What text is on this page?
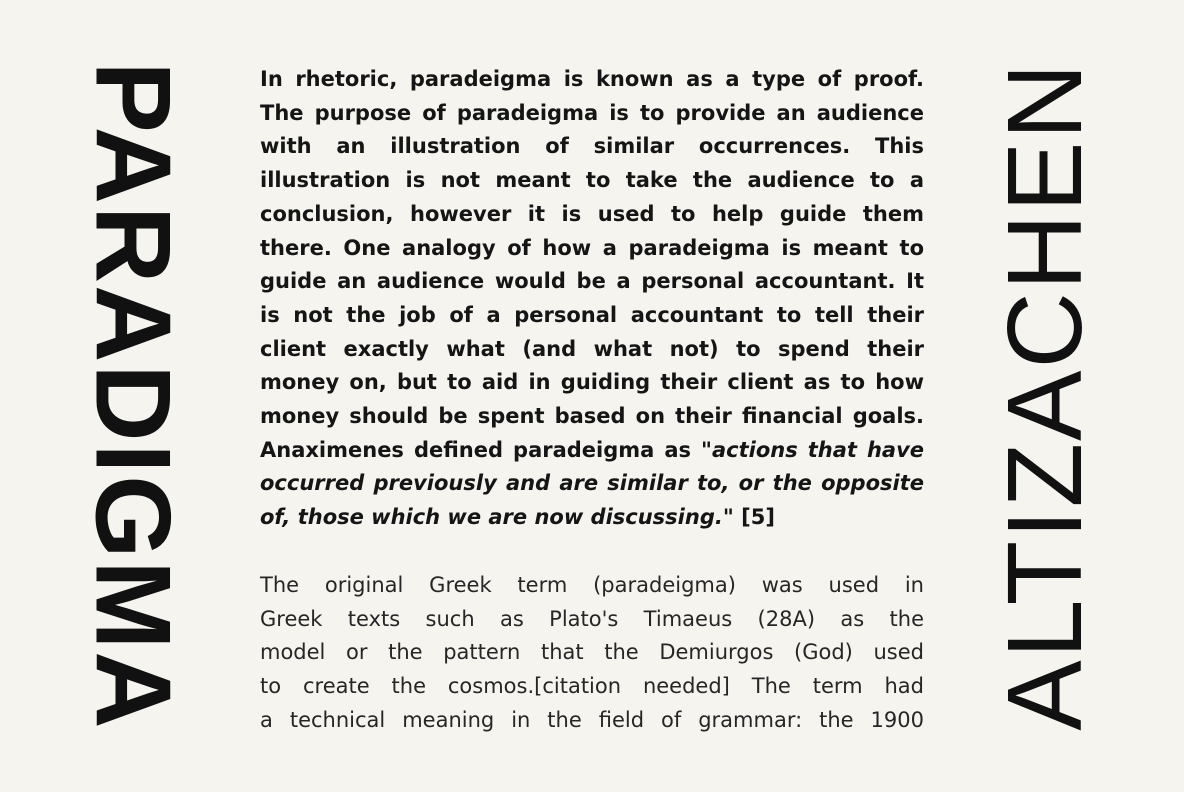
PARADIGMA	ALTIZACHEN

In rhetoric, paradeigma is known as a type of proof.
The purpose of paradeigma is to provide an audience
with an illustration of similar occurrences. This
illustration is not meant to take the audience to a
conclusion, however it is used to help guide them
there. One analogy of how a paradeigma is meant to
guide an audience would be a personal accountant. It
is not the job of a personal accountant to tell their
client exactly what (and what not) to spend their
money on, but to aid in guiding their client as to how
money should be spent based on their financial goals.
Anaximenes defined paradeigma as "actions that have
occurred previously and are similar to, or the opposite
of, those which we are now discussing." [5]

The original Greek term (paradeigma) was used in
Greek texts such as Plato's Timaeus (28A) as the
model or the pattern that the Demiurgos (God) used
to create the cosmos.[citation needed] The term had
a technical meaning in the field of grammar: the 1900
